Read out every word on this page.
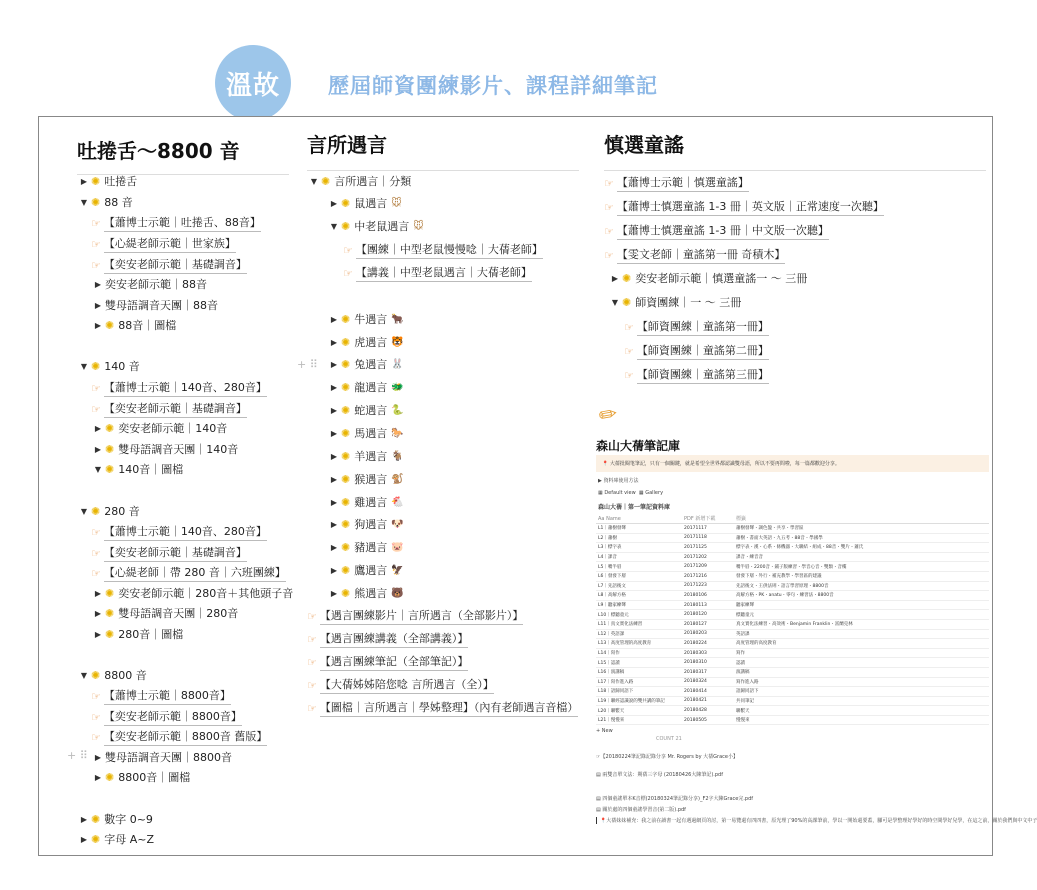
溫故	歷屆師資團練影片、課程詳細筆記
吐捲舌～8800 音
▶ ✺ 吐捲舌
▼ ✺ 88 音
☞ 【蕭博士示範｜吐捲舌、88音】
☞ 【心緹老師示範｜世家族】
☞ 【奕安老師示範｜基礎調音】
▶ 奕安老師示範｜88音
▶ 雙母語調音天團｜88音
▶ ✺ 88音｜圖檔
▼ ✺ 140 音
☞ 【蕭博士示範｜140音、280音】
☞ 【奕安老師示範｜基礎調音】
▶ ✺ 奕安老師示範｜140音
▶ ✺ 雙母語調音天團｜140音
▼ ✺ 140音｜圖檔
▼ ✺ 280 音
☞ 【蕭博士示範｜140音、280音】
☞ 【奕安老師示範｜基礎調音】
☞ 【心緹老師｜帶 280 音｜六班團練】
▶ ✺ 奕安老師示範｜280音＋其他頭子音
▶ ✺ 雙母語調音天團｜280音
▶ ✺ 280音｜圖檔
▼ ✺ 8800 音
☞ 【蕭博士示範｜8800音】
☞ 【奕安老師示範｜8800音】
☞ 【奕安老師示範｜8800音 舊版】
▶ 雙母語調音天團｜8800音
▶ ✺ 8800音｜圖檔
▶ ✺ 數字 0~9
▶ ✺ 字母 A~Z
言所遇言
▼ ✺ 言所遇言｜分類
▶ ✺ 鼠遇言 🐭
▼ ✺ 中老鼠遇言 🐭
☞ 【團練｜中型老鼠慢慢唸｜大蒨老師】
☞ 【講義｜中型老鼠遇言｜大蒨老師】
▶ ✺ 牛遇言 🐂
▶ ✺ 虎遇言 🐯
▶ ✺ 兔遇言 🐰
▶ ✺ 龍遇言 🐲
▶ ✺ 蛇遇言 🐍
▶ ✺ 馬遇言 🐎
▶ ✺ 羊遇言 🐐
▶ ✺ 猴遇言 🐒
▶ ✺ 雞遇言 🐔
▶ ✺ 狗遇言 🐶
▶ ✺ 豬遇言 🐷
▶ ✺ 鷹遇言 🦅
▶ ✺ 熊遇言 🐻
☞ 【遇言團練影片｜言所遇言（全部影片）】
☞ 【遇言團練講義（全部講義）】
☞ 【遇言團練筆記（全部筆記）】
☞ 【大蒨姊姊陪您唸 言所遇言（全）】
☞ 【圖檔｜言所遇言｜學姊整理】（內有老師遇言音檔）
慎選童謠
☞ 【蕭博士示範｜慎選童謠】
☞ 【蕭博士慎選童謠 1-3 冊｜英文版｜正常速度一次聽】
☞ 【蕭博士慎選童謠 1-3 冊｜中文版一次聽】
☞ 【雯文老師｜童謠第一冊 奇積木】
▶ ✺ 奕安老師示範｜慎選童謠一 ～ 三冊
▼ ✺ 師資團練｜一 ～ 三冊
☞ 【師資團練｜童謠第一冊】
☞ 【師資團練｜童謠第二冊】
☞ 【師資團練｜童謠第三冊】
+ ⠿
+ ⠿
✏
森山大蒨筆記庫
📍 大蒨批閱笔筆記，只有一個關鍵，就是希望全世界都認識雙母語，所以不要再問啦，每一篇都歡迎分享。
▶ 資料庫使用方法
▦ Default view ▦ Gallery
森山大蒨｜第一筆記資料庫
Aa Name	PDF 新增下載	標籤
L1｜蕭樹發聲	20171117	蕭樹發聲・調色盤・共享・學習區
L2｜蕭樹	20171118	蕭樹・書面大英語・九五考・88音・學國學
L3｜標字表	20171125	標字表・漢・心系・條機器・大聯結・組成・88音・雙片・蕭氏
L4｜課音	20171202	課音・練音音
L5｜嘴半唇	20171209	嘴半唇・2200音・鋪子版練習・學音心音・雙類・音樓
L6｜發發下層	20171216	發發下層・外行・補充教學・學習區的建議
L7｜先語後文	20171223	先語後文・王供法則・語言學習原理・8800音
L8｜高解方格	20180106	高解方格・PK・anatu・零句・練習法・8800音
L9｜聽家練聲	20180113	聽家練聲
L10｜標聽童元	20180120	標聽童元
L11｜真文實化法練習	20180127	真文實化法練習・高效術・Benjamin Franklin・富蘭克林
L12｜英語課	20180203	英語課
L13｜高度管理的高度教育	20180224	高度管理的高度教育
L14｜寫作	20180303	寫作
L15｜認讀	20180310	認讀
L16｜演講稿	20180317	演講稿
L17｜寫作進入路	20180324	寫作進入路
L18｜語歸同語下	20180414	語歸同語下
L19｜聯經認識說的雙共講的筆記	20180421	共同筆記
L20｜聯繫天	20180428	聯繫天
L21｜慢慢來	20180505	慢慢來
+ New
COUNT 21
☞【20180224筆記錄記錄分享 Mr. Rogers by 大蒨Grace小】
▤ 兩雙音單文法：期蒨三字母 (20180426大陳筆記).pdf
▤ 四個童謠單本K音標(20180324筆記錄分享)_F2字大陳Grace完.pdf
▤ 關於處的四個童謠學習音(第二版).pdf
📍大蒨妹妹補充：我之前在讀書一起有遇過網頁的討，第一易覽還有四四書，原光理了90%的高課筆前，學以一開始還要蓋，腳可是學整理好學好的時空間學好兒學，在這之前，關於我們與中文中子
